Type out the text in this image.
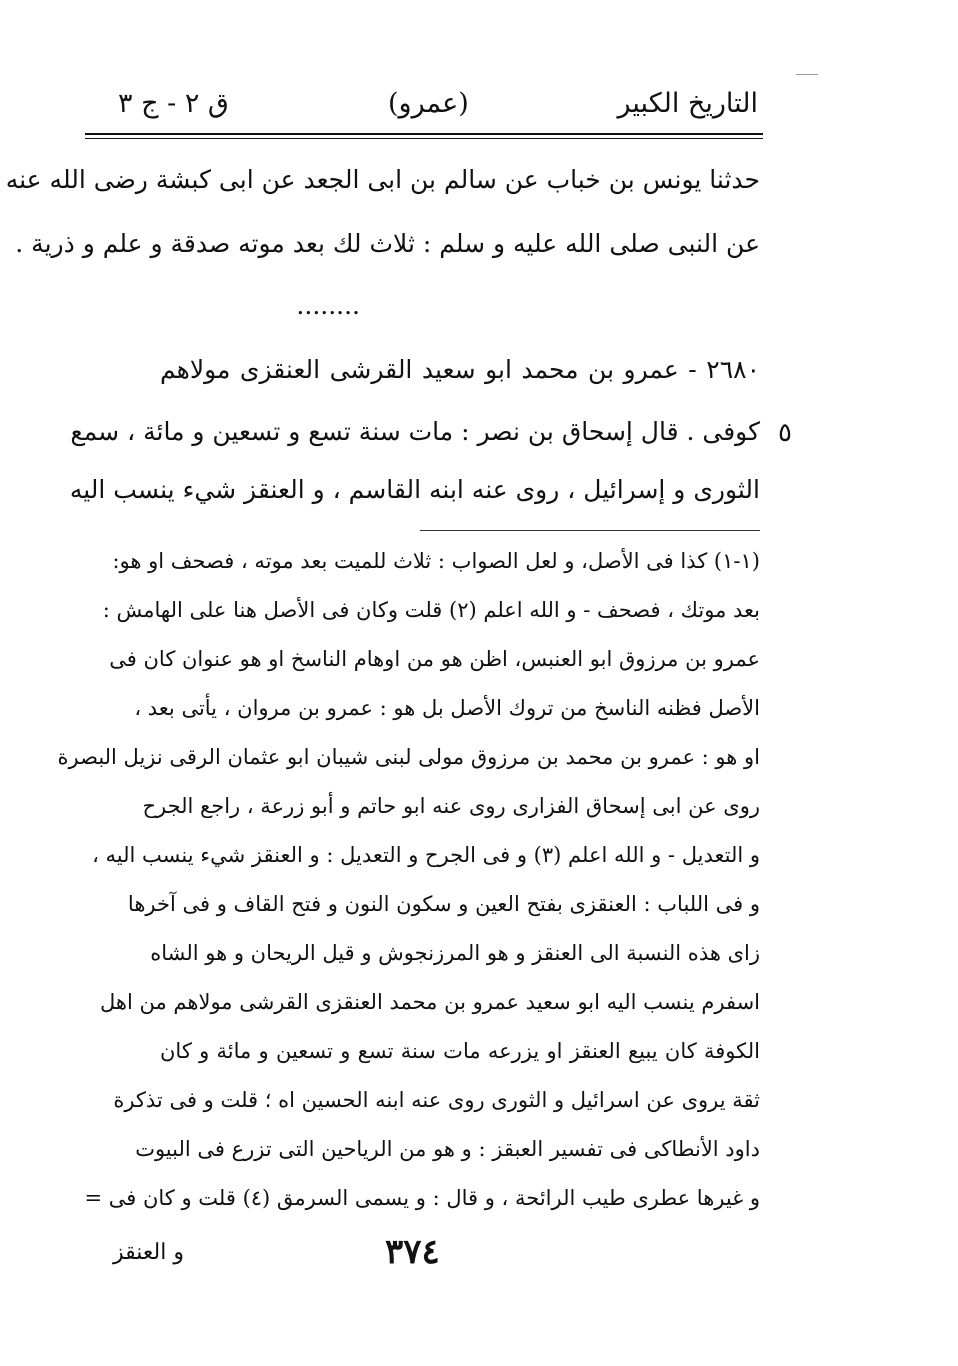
التاريخ الكبير
(عمرو)
ق ٢ - ج ٣
حدثنا يونس بن خباب عن سالم بن ابى الجعد عن ابى كبشة رضى الله عنه
عن النبى صلى الله عليه و سلم : ثلاث لك بعد موته صدقة و علم و ذرية .
........
٢٦٨٠ - عمرو بن محمد ابو سعيد القرشى العنقزى مولاهم
كوفى . قال إسحاق بن نصر : مات سنة تسع و تسعين و مائة ، سمع
الثورى و إسرائيل ، روى عنه ابنه القاسم ، و العنقز شيء ينسب اليه
٥
(١-١) كذا فى الأصل، و لعل الصواب : ثلاث للميت بعد موته ، فصحف او هو:
بعد موتك ، فصحف - و الله اعلم (٢) قلت وكان فى الأصل هنا على الهامش :
عمرو بن مرزوق ابو العنبس، اظن هو من اوهام الناسخ او هو عنوان كان فى
الأصل فظنه الناسخ من تروك الأصل بل هو : عمرو بن مروان ، يأتى بعد ،
او هو : عمرو بن محمد بن مرزوق مولى لبنى شيبان ابو عثمان الرقى نزيل البصرة
روى عن ابى إسحاق الفزارى روى عنه ابو حاتم و أبو زرعة ، راجع الجرح
و التعديل - و الله اعلم (٣) و فى الجرح و التعديل : و العنقز شيء ينسب اليه ،
و فى اللباب : العنقزى بفتح العين و سكون النون و فتح القاف و فى آخرها
زاى هذه النسبة الى العنقز و هو المرزنجوش و قيل الريحان و هو الشاه
اسفرم ينسب اليه ابو سعيد عمرو بن محمد العنقزى القرشى مولاهم من اهل
الكوفة كان يبيع العنقز او يزرعه مات سنة تسع و تسعين و مائة و كان
ثقة يروى عن اسرائيل و الثورى روى عنه ابنه الحسين اه ؛ قلت و فى تذكرة
داود الأنطاكى فى تفسير العبقز : و هو من الرياحين التى تزرع فى البيوت
و غيرها عطرى طيب الرائحة ، و قال : و يسمى السرمق (٤) قلت و كان فى =
و العنقز	٣٧٤
